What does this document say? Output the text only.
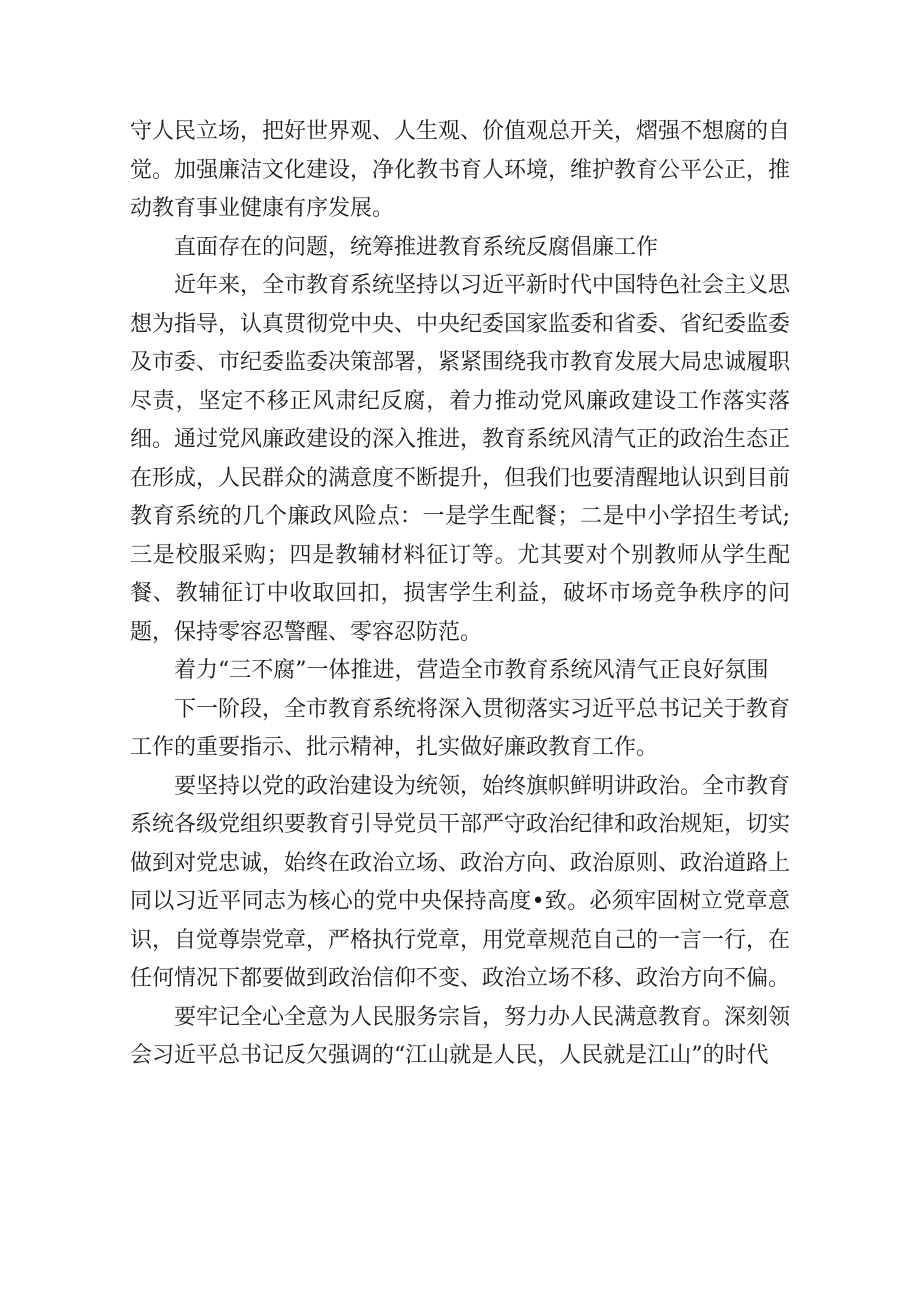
守人民立场，把好世界观、人生观、价值观总开关，熠强不想腐的自觉。加强廉洁文化建设，净化教书育人环境，维护教育公平公正，推动教育事业健康有序发展。

直面存在的问题，统筹推进教育系统反腐倡廉工作

近年来，全市教育系统坚持以习近平新时代中国特色社会主义思想为指导，认真贯彻党中央、中央纪委国家监委和省委、省纪委监委及市委、市纪委监委决策部署，紧紧围绕我市教育发展大局忠诚履职尽责，坚定不移正风肃纪反腐，着力推动党风廉政建设工作落实落细。通过党风廉政建设的深入推进，教育系统风清气正的政治生态正在形成，人民群众的满意度不断提升，但我们也要清醒地认识到目前教育系统的几个廉政风险点：一是学生配餐；二是中小学招生考试;三是校服采购；四是教辅材料征订等。尤其要对个别教师从学生配餐、教辅征订中收取回扣，损害学生利益，破坏市场竞争秩序的问题，保持零容忍警醒、零容忍防范。

着力“三不腐”一体推进，营造全市教育系统风清气正良好氛围

下一阶段，全市教育系统将深入贯彻落实习近平总书记关于教育工作的重要指示、批示精神，扎实做好廉政教育工作。

要坚持以党的政治建设为统领，始终旗帜鲜明讲政治。全市教育系统各级党组织要教育引导党员干部严守政治纪律和政治规矩，切实做到对党忠诚，始终在政治立场、政治方向、政治原则、政治道路上同以习近平同志为核心的党中央保持高度•致。必须牢固树立党章意识，自觉尊崇党章，严格执行党章，用党章规范自己的一言一行，在任何情况下都要做到政治信仰不变、政治立场不移、政治方向不偏。

要牢记全心全意为人民服务宗旨，努力办人民满意教育。深刻领会习近平总书记反欠强调的“江山就是人民，人民就是江山”的时代
